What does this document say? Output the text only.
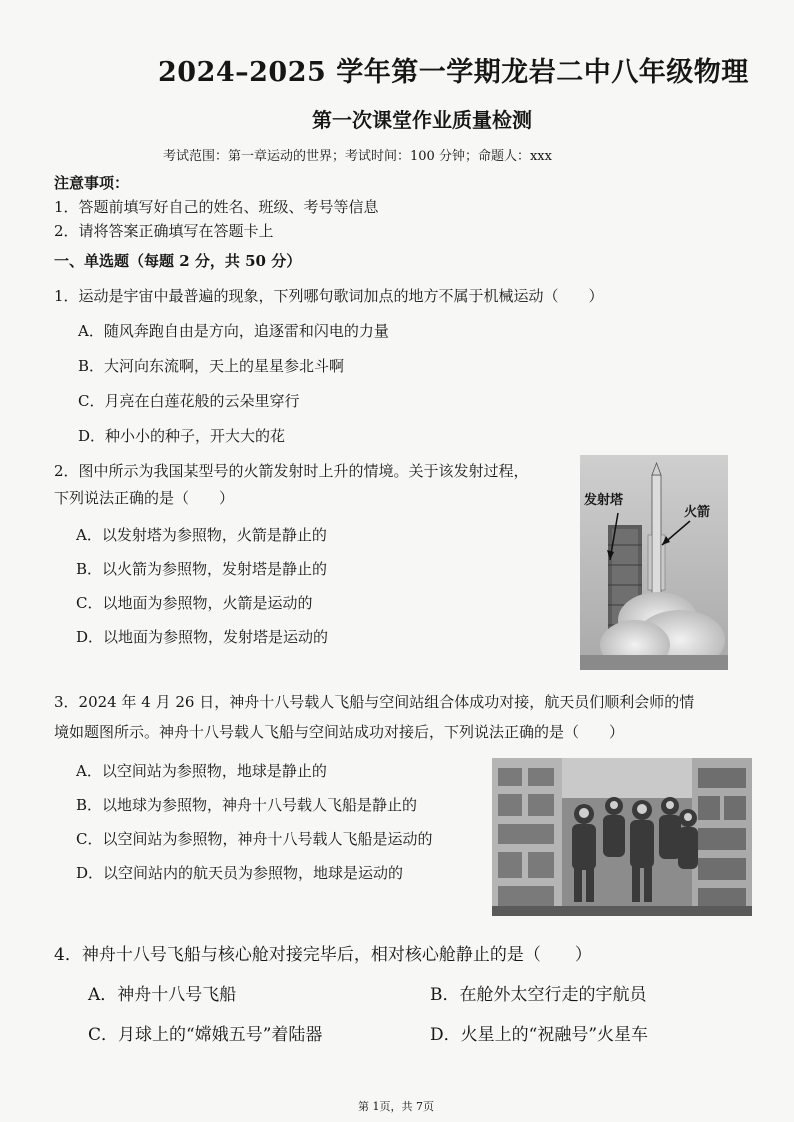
2024–2025 学年第一学期龙岩二中八年级物理
第一次课堂作业质量检测
考试范围：第一章运动的世界；考试时间：100 分钟；命题人：xxx
注意事项：
1．答题前填写好自己的姓名、班级、考号等信息
2．请将答案正确填写在答题卡上
一、单选题（每题 2 分，共 50 分）
1．运动是宇宙中最普遍的现象，下列哪句歌词加点的地方不属于机械运动（　　）
A．随风奔跑自由是方向，追逐雷和闪电的力量
B．大河向东流啊，天上的星星参北斗啊
C．月亮在白莲花般的云朵里穿行
D．种小小的种子，开大大的花
2．图中所示为我国某型号的火箭发射时上升的情境。关于该发射过程，
下列说法正确的是（　　）
A．以发射塔为参照物，火箭是静止的
B．以火箭为参照物，发射塔是静止的
C．以地面为参照物，火箭是运动的
D．以地面为参照物，发射塔是运动的
发射塔
火箭
3．2024 年 4 月 26 日，神舟十八号载人飞船与空间站组合体成功对接，航天员们顺利会师的情
境如题图所示。神舟十八号载人飞船与空间站成功对接后，下列说法正确的是（　　）
A．以空间站为参照物，地球是静止的
B．以地球为参照物，神舟十八号载人飞船是静止的
C．以空间站为参照物，神舟十八号载人飞船是运动的
D．以空间站内的航天员为参照物，地球是运动的
4．神舟十八号飞船与核心舱对接完毕后，相对核心舱静止的是（　　）
A．神舟十八号飞船	B．在舱外太空行走的宇航员
C．月球上的“嫦娥五号”着陆器	D．火星上的“祝融号”火星车
第 1页，共 7页
